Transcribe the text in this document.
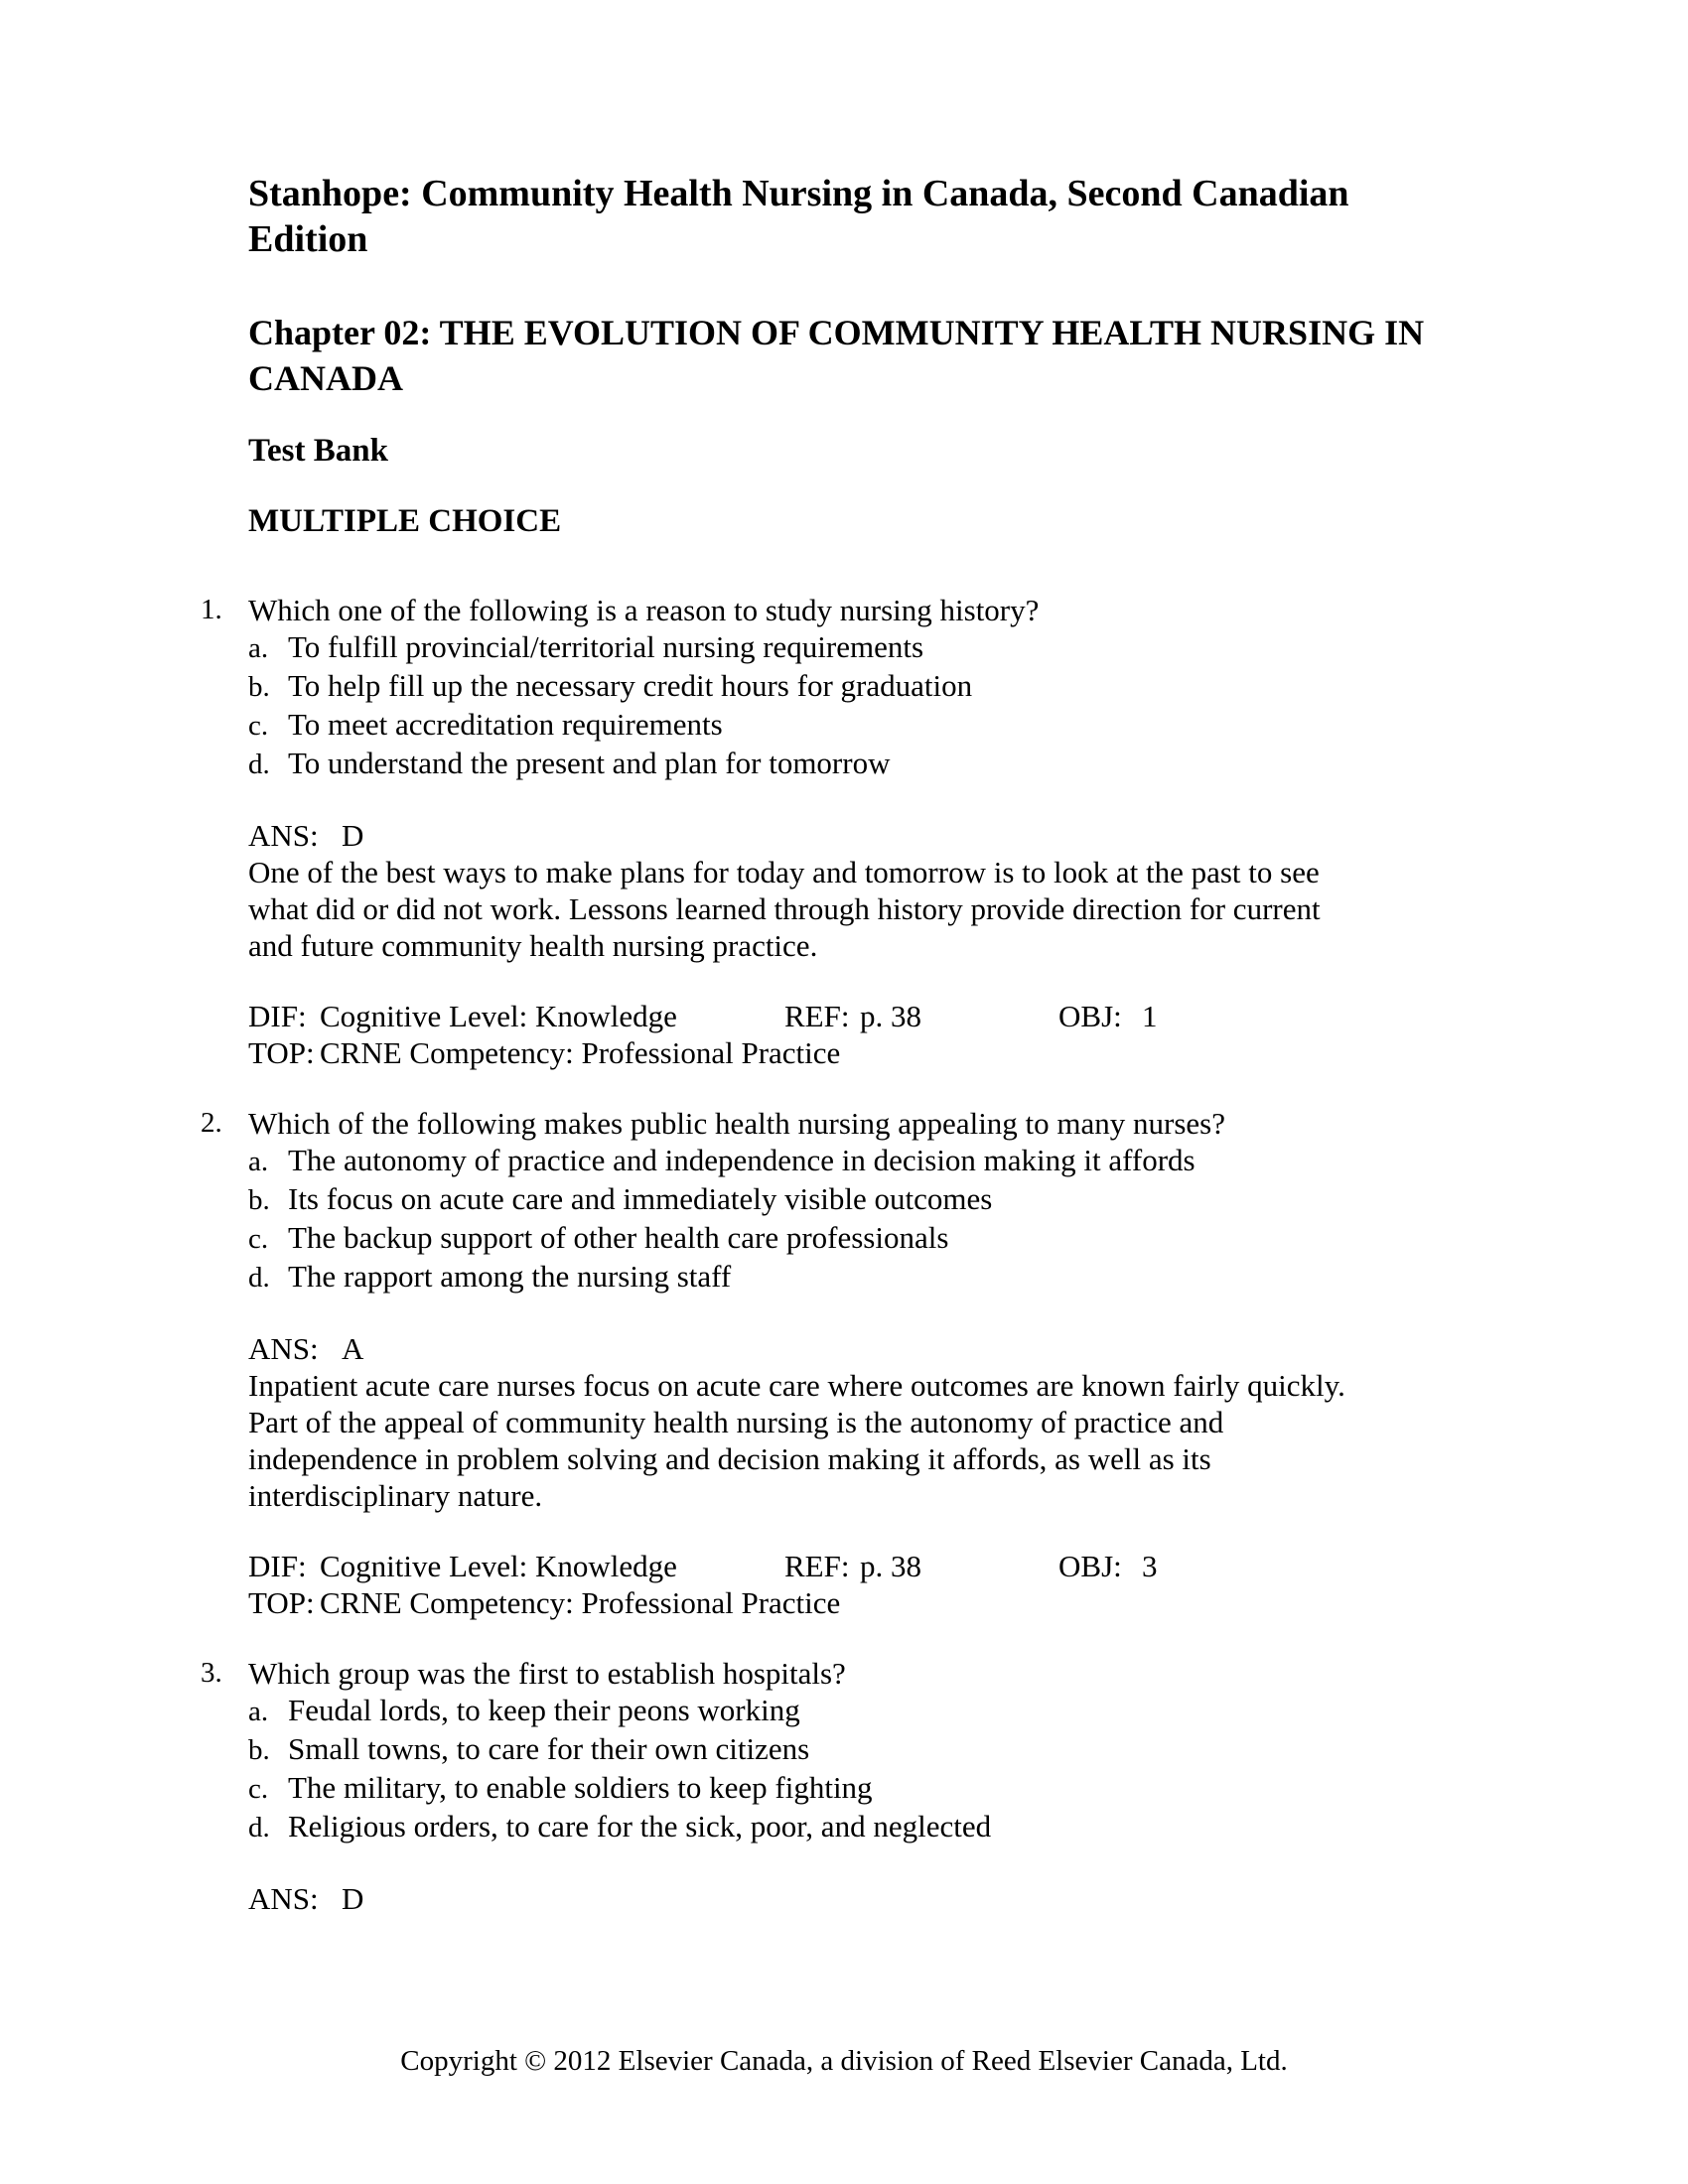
Stanhope: Community Health Nursing in Canada, Second Canadian
Edition
Chapter 02: THE EVOLUTION OF COMMUNITY HEALTH NURSING IN
CANADA
Test Bank
MULTIPLE CHOICE
1. Which one of the following is a reason to study nursing history?
a. To fulfill provincial/territorial nursing requirements
b. To help fill up the necessary credit hours for graduation
c. To meet accreditation requirements
d. To understand the present and plan for tomorrow
ANS: D
One of the best ways to make plans for today and tomorrow is to look at the past to see
what did or did not work. Lessons learned through history provide direction for current
and future community health nursing practice.
DIF: Cognitive Level: Knowledge	REF: p. 38	OBJ: 1
TOP: CRNE Competency: Professional Practice
2. Which of the following makes public health nursing appealing to many nurses?
a. The autonomy of practice and independence in decision making it affords
b. Its focus on acute care and immediately visible outcomes
c. The backup support of other health care professionals
d. The rapport among the nursing staff
ANS: A
Inpatient acute care nurses focus on acute care where outcomes are known fairly quickly.
Part of the appeal of community health nursing is the autonomy of practice and
independence in problem solving and decision making it affords, as well as its
interdisciplinary nature.
DIF: Cognitive Level: Knowledge	REF: p. 38	OBJ: 3
TOP: CRNE Competency: Professional Practice
3. Which group was the first to establish hospitals?
a. Feudal lords, to keep their peons working
b. Small towns, to care for their own citizens
c. The military, to enable soldiers to keep fighting
d. Religious orders, to care for the sick, poor, and neglected
ANS: D
Copyright © 2012 Elsevier Canada, a division of Reed Elsevier Canada, Ltd.
